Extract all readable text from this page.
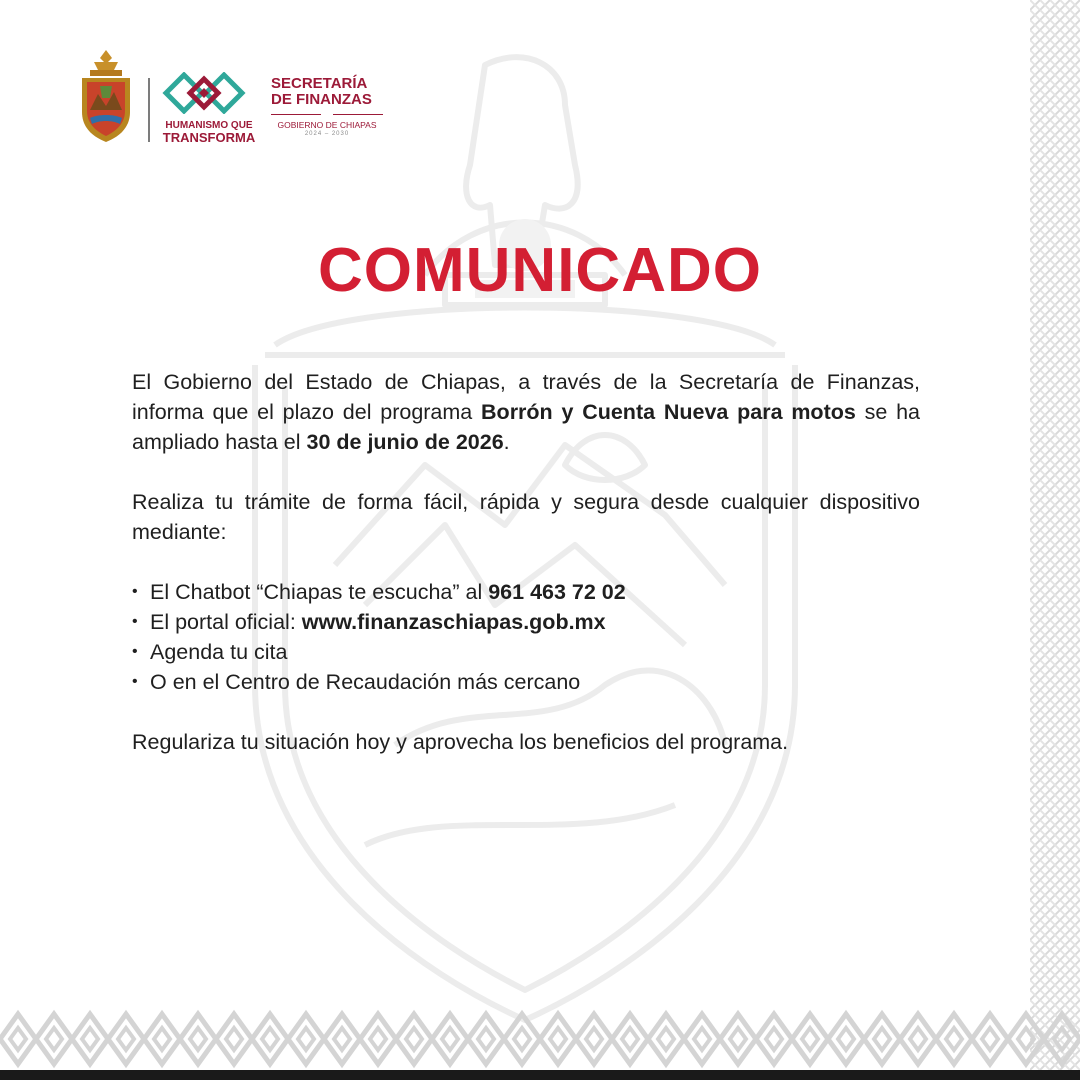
HUMANISMO QUE
TRANSFORMA
SECRETARÍA
DE FINANZAS
GOBIERNO DE CHIAPAS
2024 – 2030
COMUNICADO

El Gobierno del Estado de Chiapas, a través de la Secretaría de Finanzas, informa que el plazo del programa Borrón y Cuenta Nueva para motos se ha ampliado hasta el 30 de junio de 2026.

Realiza tu trámite de forma fácil, rápida y segura desde cualquier dispositivo mediante:

• El Chatbot “Chiapas te escucha” al 961 463 72 02
• El portal oficial: www.finanzaschiapas.gob.mx
• Agenda tu cita
• O en el Centro de Recaudación más cercano

Regulariza tu situación hoy y aprovecha los beneficios del programa.
